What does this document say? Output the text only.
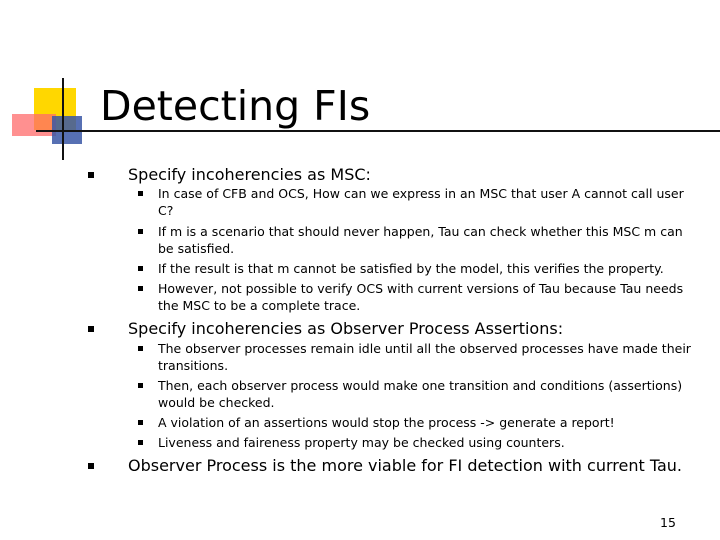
Detecting FIs
Specify incoherencies as MSC:
In case of CFB and OCS, How can we express in an MSC that user A cannot call user
C?
If m is a scenario that should never happen, Tau can check whether this MSC m can
be satisfied.
If the result is that m cannot be satisfied by the model, this verifies the property.
However, not possible to verify OCS with current versions of Tau because Tau needs
the MSC to be a complete trace.
Specify incoherencies as Observer Process Assertions:
The observer processes remain idle until all the observed processes have made their
transitions.
Then, each observer process would make one transition and conditions (assertions)
would be checked.
A violation of an assertions would stop the process -> generate a report!
Liveness and faireness property may be checked using counters.
Observer Process is the more viable for FI detection with current Tau.
15
